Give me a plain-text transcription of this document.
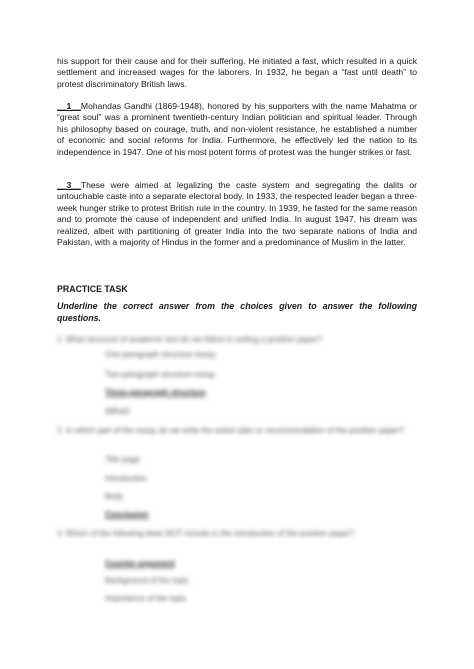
his support for their cause and for their suffering. He initiated a fast, which resulted in a quick settlement and increased wages for the laborers. In 1932, he began a “fast until death” to protest discriminatory British laws.

__1__Mohandas Gandhi (1869-1948), honored by his supporters with the name Mahatma or “great soul” was a prominent twentieth-century Indian politician and spiritual leader. Through his philosophy based on courage, truth, and non-violent resistance, he established a number of economic and social reforms for India. Furthermore, he effectively led the nation to its independence in 1947. One of his most potent forms of protest was the hunger strikes or fast.

__3__These were aimed at legalizing the caste system and segregating the dalits or untouchable caste into a separate electoral body. In 1933, the respected leader began a three-week hunger strike to protest British rule in the country. In 1939, he fasted for the same reason and to promote the cause of independent and unified India. In august 1947, his dream was realized, albeit with partitioning of greater India into the two separate nations of India and Pakistan, with a majority of Hindus in the former and a predominance of Muslim in the latter.

PRACTICE TASK

Underline the correct answer from the choices given to answer the following questions.

1. What structure of academic text do we follow in writing a position paper?
One-paragraph structure essay
Two-paragraph structure essay
Three-paragraph structure
IMRaD
2. In which part of the essay do we write the action plan or recommendation of the position paper?
Title page
Introduction
Body
Conclusion
3. Which of the following does NOT include in the introduction of the position paper?
Counter-argument
Background of the topic
Importance of the topic
